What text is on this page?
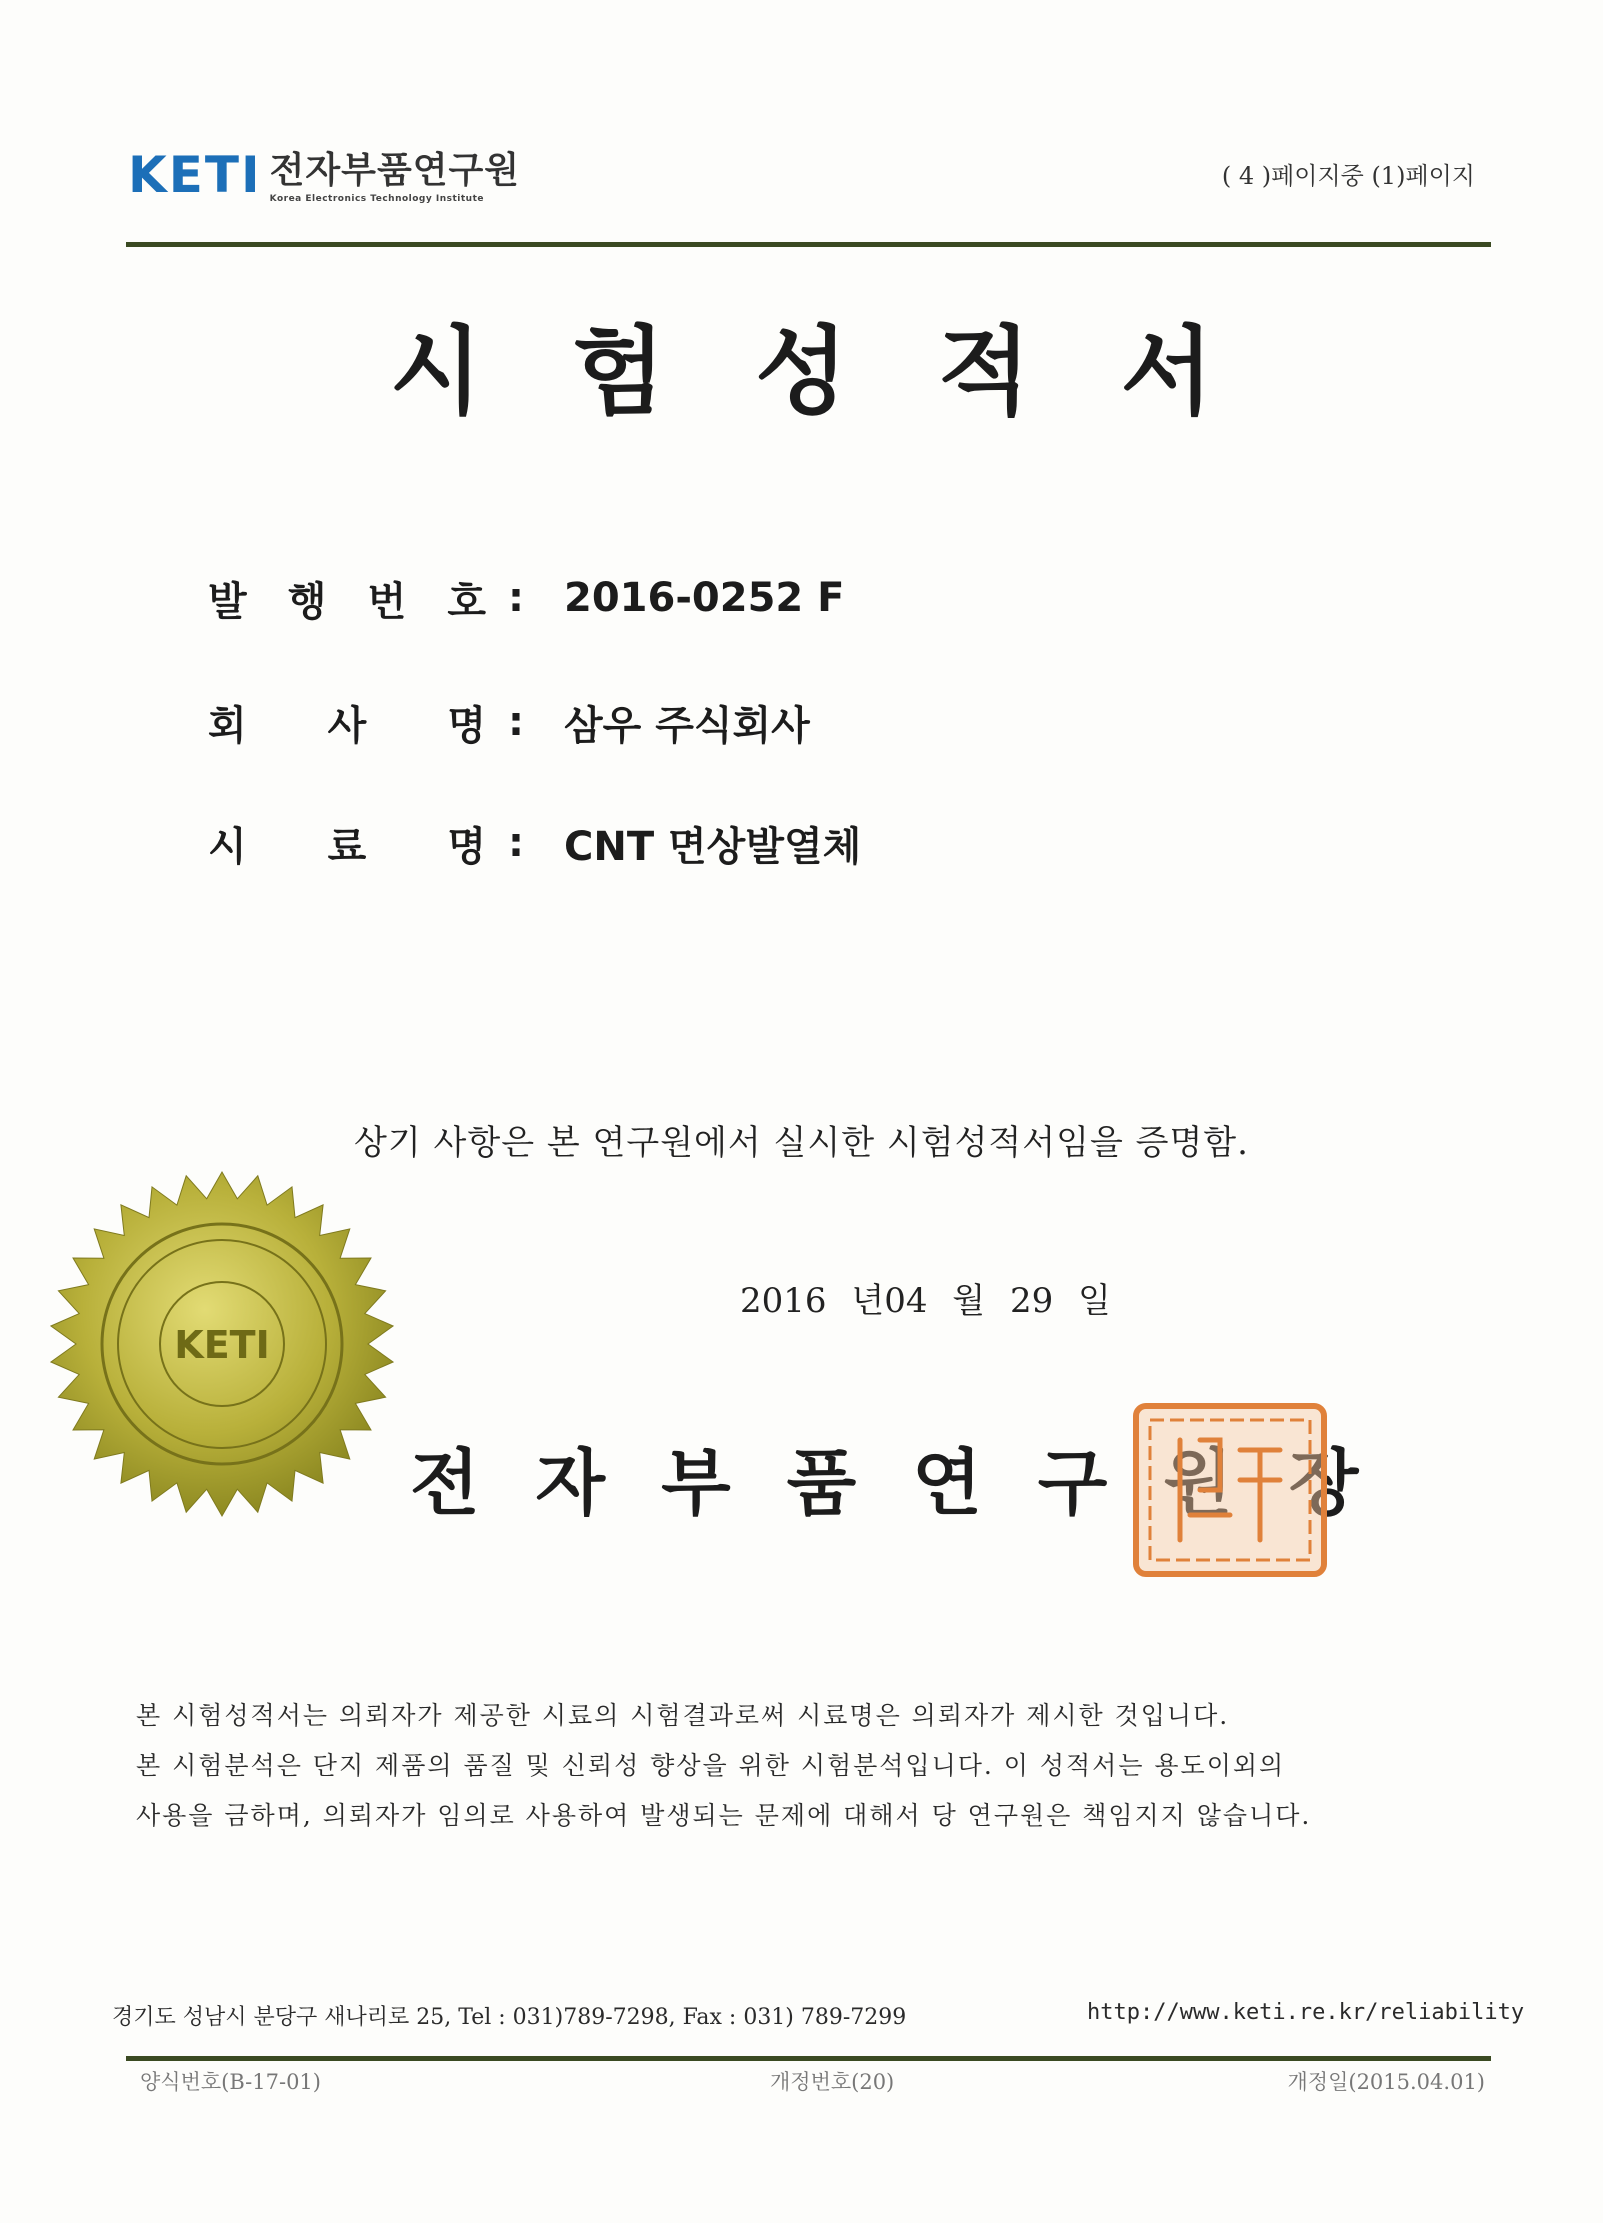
KETI 전자부품연구원
Korea Electronics Technology Institute
( 4 )페이지중 (1)페이지
시험성적서
발 행 번 호 :	2016-0252 F
회 사 명 :	삼우 주식회사
시 료 명 :	CNT 면상발열체
상기 사항은 본 연구원에서 실시한 시험성적서임을 증명함.
2016 년04 월 29 일
KETI
전자부품연구원장

본 시험성적서는 의뢰자가 제공한 시료의 시험결과로써 시료명은 의뢰자가 제시한 것입니다.

본 시험분석은 단지 제품의 품질 및 신뢰성 향상을 위한 시험분석입니다. 이 성적서는 용도이외의

사용을 금하며, 의뢰자가 임의로 사용하여 발생되는 문제에 대해서 당 연구원은 책임지지 않습니다.

경기도 성남시 분당구 새나리로 25, Tel : 031)789-7298, Fax : 031) 789-7299	http://www.keti.re.kr/reliability
양식번호(B-17-01)	개정번호(20)	개정일(2015.04.01)
